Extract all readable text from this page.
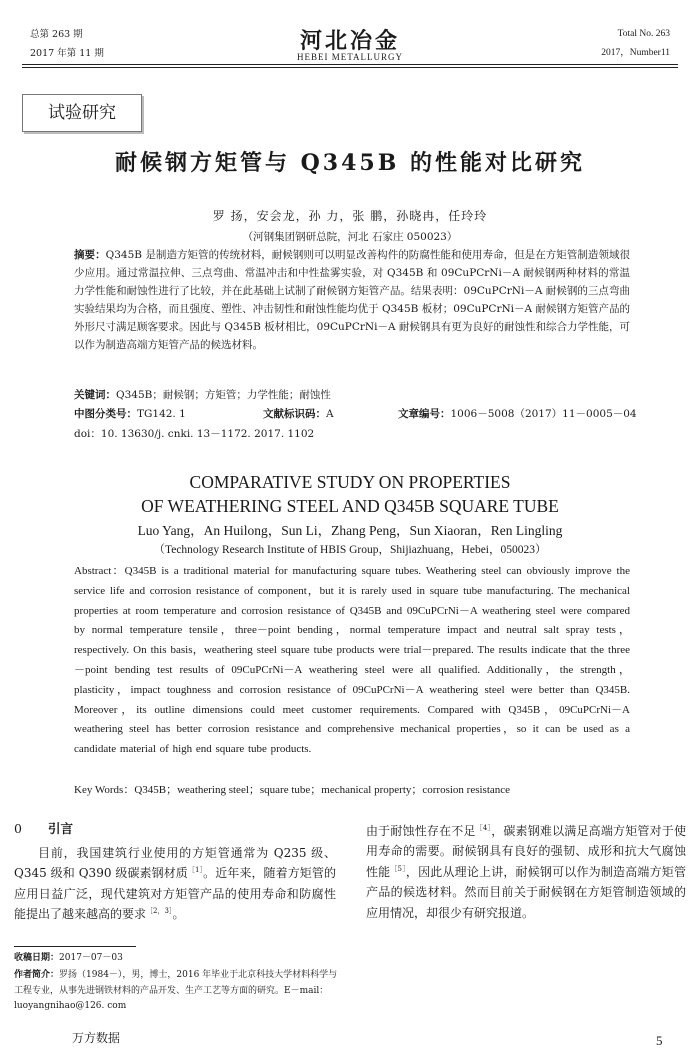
总第 263 期
2017 年第 11 期	河北冶金
HEBEI METALLURGY
Total No. 263
2017，Number11
试验研究
耐候钢方矩管与 Q345B 的性能对比研究
罗 扬，安会龙，孙 力，张 鹏，孙晓冉，任玲玲
（河钢集团钢研总院，河北 石家庄 050023）
摘要：Q345B 是制造方矩管的传统材料，耐候钢则可以明显改善构件的防腐性能和使用寿命，但是在方矩管制造领域很少应用。通过常温拉伸、三点弯曲、常温冲击和中性盐雾实验，对 Q345B 和 09CuPCrNi－A 耐候钢两种材料的常温力学性能和耐蚀性进行了比较，并在此基础上试制了耐候钢方矩管产品。结果表明：09CuPCrNi－A 耐候钢的三点弯曲实验结果均为合格，而且强度、塑性、冲击韧性和耐蚀性能均优于 Q345B 板材；09CuPCrNi－A 耐候钢方矩管产品的外形尺寸满足顾客要求。因此与 Q345B 板材相比，09CuPCrNi－A 耐候钢具有更为良好的耐蚀性和综合力学性能，可以作为制造高端方矩管产品的候选材料。
关键词：Q345B；耐候钢；方矩管；力学性能；耐蚀性
中图分类号：TG142. 1	文献标识码：A	文章编号：1006－5008（2017）11－0005－04
doi：10. 13630/j. cnki. 13－1172. 2017. 1102
COMPARATIVE STUDY ON PROPERTIES
OF WEATHERING STEEL AND Q345B SQUARE TUBE
Luo Yang，An Huilong，Sun Li，Zhang Peng，Sun Xiaoran，Ren Lingling
（Technology Research Institute of HBIS Group，Shijiazhuang，Hebei，050023）
Abstract：Q345B is a traditional material for manufacturing square tubes. Weathering steel can obviously improve the service life and corrosion resistance of component，but it is rarely used in square tube manufacturing. The mechanical properties at room temperature and corrosion resistance of Q345B and 09CuPCrNi－A weathering steel were compared by normal temperature tensile，three－point bending，normal temperature impact and neutral salt spray tests，respectively. On this basis，weathering steel square tube products were trial－prepared. The results indicate that the three－point bending test results of 09CuPCrNi－A weathering steel were all qualified. Additionally，the strength，plasticity，impact toughness and corrosion resistance of 09CuPCrNi－A weathering steel were better than Q345B. Moreover，its outline dimensions could meet customer requirements. Compared with Q345B，09CuPCrNi－A weathering steel has better corrosion resistance and comprehensive mechanical properties，so it can be used as a candidate material of high end square tube products.
Key Words：Q345B；weathering steel；square tube；mechanical property；corrosion resistance
0 引言
目前，我国建筑行业使用的方矩管通常为 Q235 级、Q345 级和 Q390 级碳素钢材质$^{[1]}$。近年来，随着方矩管的应用日益广泛，现代建筑对方矩管产品的使用寿命和防腐性能提出了越来越高的要求$^{[2,3]}$。
由于耐蚀性存在不足$^{[4]}$，碳素钢难以满足高端方矩管对于使用寿命的需要。耐候钢具有良好的强韧、成形和抗大气腐蚀性能$^{[5]}$，因此从理论上讲，耐候钢可以作为制造高端方矩管产品的候选材料。然而目前关于耐候钢在方矩管制造领域的应用情况，却很少有研究报道。
收稿日期：2017－07－03
作者简介：罗扬（1984－），男，博士，2016 年毕业于北京科技大学材料科学与工程专业，从事先进钢铁材料的产品开发、生产工艺等方面的研究。E－mail：luoyangnihao@126. com
万方数据	5
